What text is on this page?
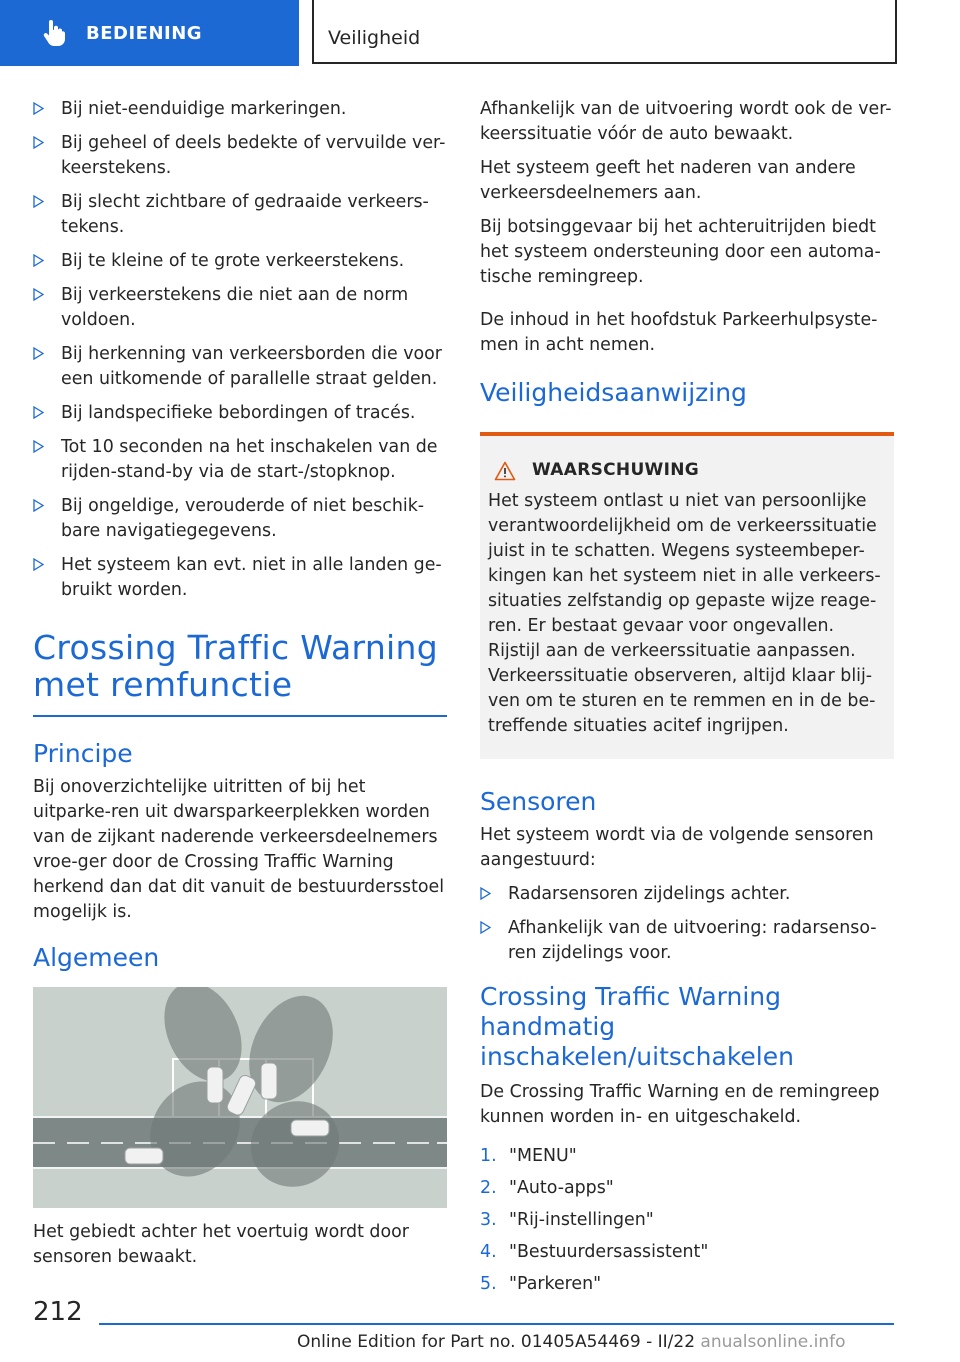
BEDIENING	Veiligheid
Bij niet-eenduidige markeringen.
Bij geheel of deels bedekte of vervuilde ver-keerstekens.
Bij slecht zichtbare of gedraaide verkeers-tekens.
Bij te kleine of te grote verkeerstekens.
Bij verkeerstekens die niet aan de norm voldoen.
Bij herkenning van verkeersborden die voor een uitkomende of parallelle straat gelden.
Bij landspecifieke bebordingen of tracés.
Tot 10 seconden na het inschakelen van de rijden-stand-by via de start-/stopknop.
Bij ongeldige, verouderde of niet beschik-bare navigatiegegevens.
Het systeem kan evt. niet in alle landen ge-bruikt worden.
Crossing Traffic Warning
met remfunctie
Principe

Bij onoverzichtelijke uitritten of bij het uitparke-ren uit dwarsparkeerplekken worden van de zijkant naderende verkeersdeelnemers vroe-ger door de Crossing Traffic Warning herkend dan dat dit vanuit de bestuurdersstoel mogelijk is.

Algemeen

Het gebiedt achter het voertuig wordt door sensoren bewaakt.

Afhankelijk van de uitvoering wordt ook de ver-keerssituatie vóór de auto bewaakt.

Het systeem geeft het naderen van andere verkeersdeelnemers aan.

Bij botsinggevaar bij het achteruitrijden biedt het systeem ondersteuning door een automa-tische remingreep.

De inhoud in het hoofdstuk Parkeerhulpsyste-men in acht nemen.

Veiligheidsaanwijzing
WAARSCHUWING

Het systeem ontlast u niet van persoonlijke verantwoordelijkheid om de verkeerssituatie juist in te schatten. Wegens systeembeper-kingen kan het systeem niet in alle verkeers-situaties zelfstandig op gepaste wijze reage-ren. Er bestaat gevaar voor ongevallen. Rijstijl aan de verkeerssituatie aanpassen. Verkeerssituatie observeren, altijd klaar blij-ven om te sturen en te remmen en in de be-treffende situaties acitef ingrijpen.

Sensoren

Het systeem wordt via de volgende sensoren aangestuurd:

Radarsensoren zijdelings achter.
Afhankelijk van de uitvoering: radarsenso-ren zijdelings voor.
Crossing Traffic Warning handmatig inschakelen/uitschakelen

De Crossing Traffic Warning en de remingreep kunnen worden in- en uitgeschakeld.

1. "MENU"
2. "Auto-apps"
3. "Rij-instellingen"
4. "Bestuurdersassistent"
5. "Parkeren"
212
Online Edition for Part no. 01405A54469 - II/22 anualsonline.info
